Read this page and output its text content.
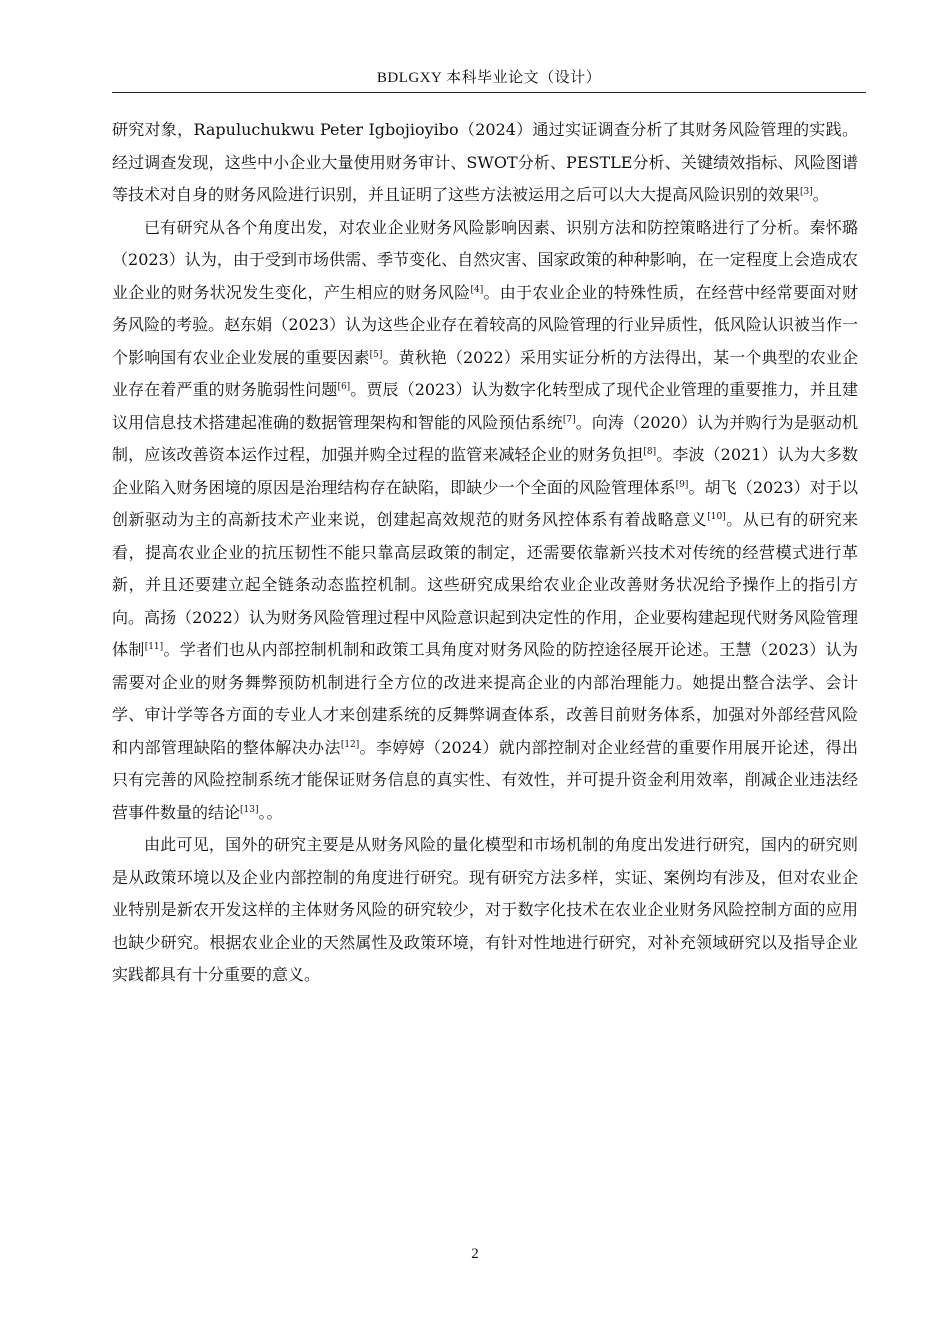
BDLGXY 本科毕业论文（设计）

研究对象，Rapuluchukwu Peter Igbojioyibo（2024）通过实证调查分析了其财务风险管理的实践。经过调查发现，这些中小企业大量使用财务审计、SWOT分析、PESTLE分析、关键绩效指标、风险图谱等技术对自身的财务风险进行识别，并且证明了这些方法被运用之后可以大大提高风险识别的效果[3]。

已有研究从各个角度出发，对农业企业财务风险影响因素、识别方法和防控策略进行了分析。秦怀璐（2023）认为，由于受到市场供需、季节变化、自然灾害、国家政策的种种影响，在一定程度上会造成农业企业的财务状况发生变化，产生相应的财务风险[4]。由于农业企业的特殊性质，在经营中经常要面对财务风险的考验。赵东娟（2023）认为这些企业存在着较高的风险管理的行业异质性，低风险认识被当作一个影响国有农业企业发展的重要因素[5]。黄秋艳（2022）采用实证分析的方法得出，某一个典型的农业企业存在着严重的财务脆弱性问题[6]。贾辰（2023）认为数字化转型成了现代企业管理的重要推力，并且建议用信息技术搭建起准确的数据管理架构和智能的风险预估系统[7]。向涛（2020）认为并购行为是驱动机制，应该改善资本运作过程，加强并购全过程的监管来减轻企业的财务负担[8]。李波（2021）认为大多数企业陷入财务困境的原因是治理结构存在缺陷，即缺少一个全面的风险管理体系[9]。胡飞（2023）对于以创新驱动为主的高新技术产业来说，创建起高效规范的财务风控体系有着战略意义[10]。从已有的研究来看，提高农业企业的抗压韧性不能只靠高层政策的制定，还需要依靠新兴技术对传统的经营模式进行革新，并且还要建立起全链条动态监控机制。这些研究成果给农业企业改善财务状况给予操作上的指引方向。高扬（2022）认为财务风险管理过程中风险意识起到决定性的作用，企业要构建起现代财务风险管理体制[11]。学者们也从内部控制机制和政策工具角度对财务风险的防控途径展开论述。王慧（2023）认为需要对企业的财务舞弊预防机制进行全方位的改进来提高企业的内部治理能力。她提出整合法学、会计学、审计学等各方面的专业人才来创建系统的反舞弊调查体系，改善目前财务体系，加强对外部经营风险和内部管理缺陷的整体解决办法[12]。李婷婷（2024）就内部控制对企业经营的重要作用展开论述，得出只有完善的风险控制系统才能保证财务信息的真实性、有效性，并可提升资金利用效率，削减企业违法经营事件数量的结论[13]。。

由此可见，国外的研究主要是从财务风险的量化模型和市场机制的角度出发进行研究，国内的研究则是从政策环境以及企业内部控制的角度进行研究。现有研究方法多样，实证、案例均有涉及，但对农业企业特别是新农开发这样的主体财务风险的研究较少，对于数字化技术在农业企业财务风险控制方面的应用也缺少研究。根据农业企业的天然属性及政策环境，有针对性地进行研究，对补充领域研究以及指导企业实践都具有十分重要的意义。

2
